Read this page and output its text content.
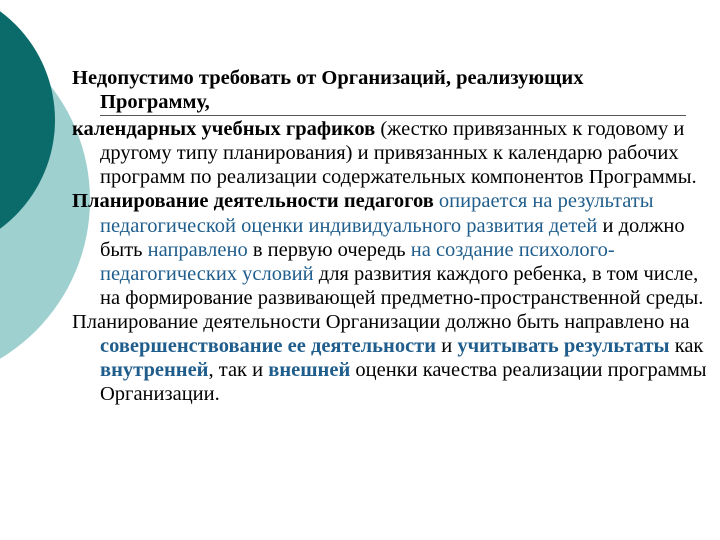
Недопустимо требовать от Организаций, реализующих
Программу,

календарных учебных графиков (жестко привязанных к годовому и другому типу планирования) и привязанных к календарю рабочих программ по реализации содержательных компонентов Программы.

Планирование деятельности педагогов опирается на результаты педагогической оценки индивидуального развития детей и должно быть направлено в первую очередь на создание психолого-педагогических условий для развития каждого ребенка, в том числе, на формирование развивающей предметно-пространственной среды.

Планирование деятельности Организации должно быть направлено на совершенствование ее деятельности и учитывать результаты как внутренней, так и внешней оценки качества реализации программы Организации.
